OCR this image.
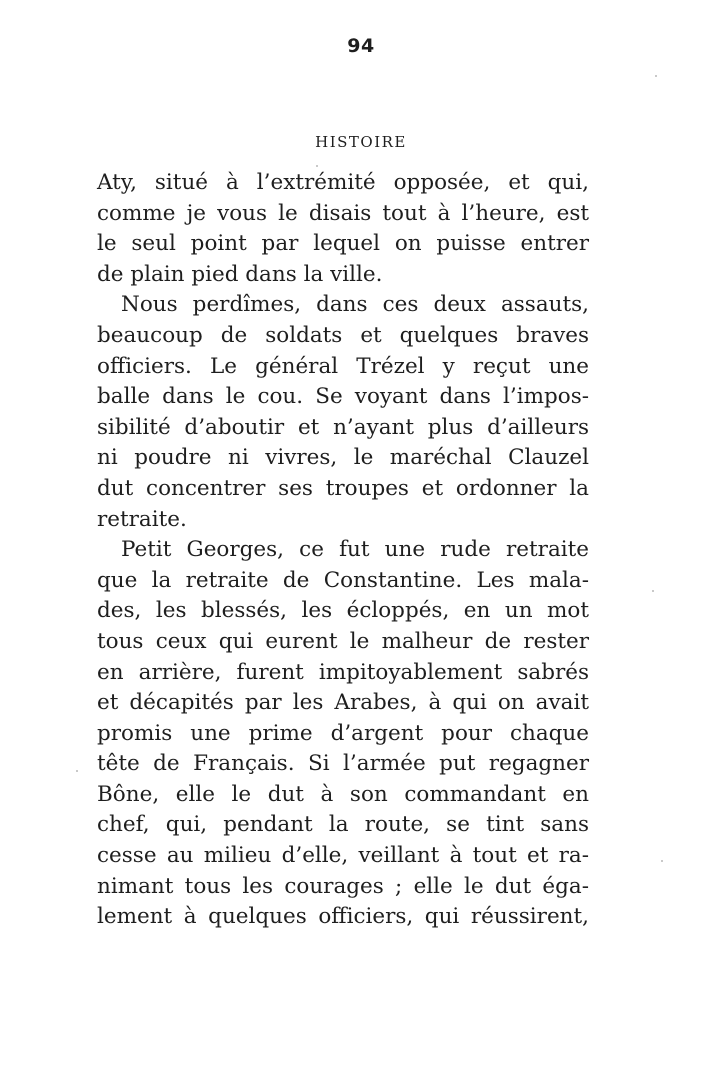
94
HISTOIRE
Aty, situé à l’extrémité opposée, et qui,
comme je vous le disais tout à l’heure, est
le seul point par lequel on puisse entrer
de plain pied dans la ville.
Nous perdîmes, dans ces deux assauts,
beaucoup de soldats et quelques braves
officiers. Le général Trézel y reçut une
balle dans le cou. Se voyant dans l’impos-
sibilité d’aboutir et n’ayant plus d’ailleurs
ni poudre ni vivres, le maréchal Clauzel
dut concentrer ses troupes et ordonner la
retraite.
Petit Georges, ce fut une rude retraite
que la retraite de Constantine. Les mala-
des, les blessés, les écloppés, en un mot
tous ceux qui eurent le malheur de rester
en arrière, furent impitoyablement sabrés
et décapités par les Arabes, à qui on avait
promis une prime d’argent pour chaque
tête de Français. Si l’armée put regagner
Bône, elle le dut à son commandant en
chef, qui, pendant la route, se tint sans
cesse au milieu d’elle, veillant à tout et ra-
nimant tous les courages ; elle le dut éga-
lement à quelques officiers, qui réussirent,
